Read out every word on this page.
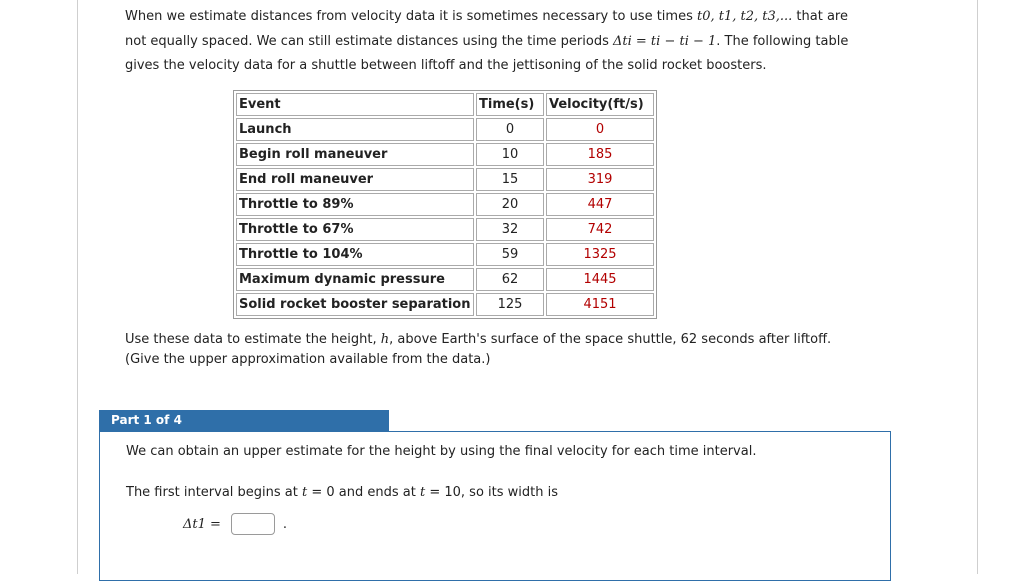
When we estimate distances from velocity data it is sometimes necessary to use times t0, t1, t2, t3,... that are
not equally spaced. We can still estimate distances using the time periods Δti = ti − ti − 1. The following table
gives the velocity data for a shuttle between liftoff and the jettisoning of the solid rocket boosters.

Event	Time(s)	Velocity(ft/s)
Launch	0	0
Begin roll maneuver	10	185
End roll maneuver	15	319
Throttle to 89%	20	447
Throttle to 67%	32	742
Throttle to 104%	59	1325
Maximum dynamic pressure	62	1445
Solid rocket booster separation	125	4151

Use these data to estimate the height, h, above Earth's surface of the space shuttle, 62 seconds after liftoff.
(Give the upper approximation available from the data.)

Part 1 of 4

We can obtain an upper estimate for the height by using the final velocity for each time interval.

The first interval begins at t = 0 and ends at t = 10, so its width is

Δt1 =	.
